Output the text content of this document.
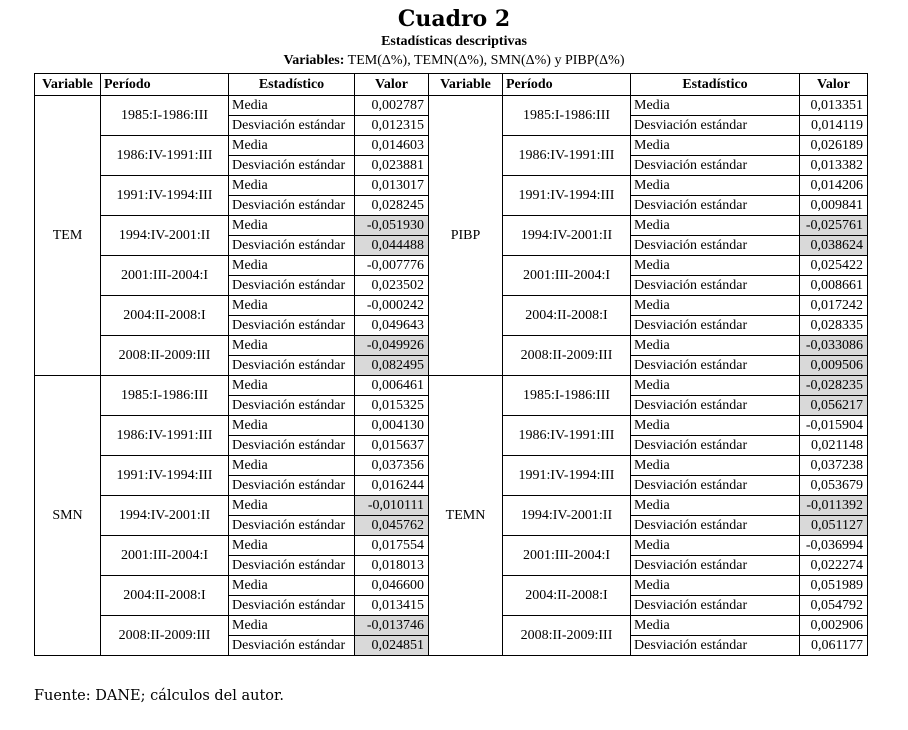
Cuadro 2
Estadísticas descriptivas
Variables: TEM(Δ%), TEMN(Δ%), SMN(Δ%) y PIBP(Δ%)
Variable	Período	Estadístico	Valor	Variable	Período	Estadístico	Valor
TEM	1985:I-1986:III	Media	0,002787	PIBP	1985:I-1986:III	Media	0,013351
		Desviación estándar	0,012315			Desviación estándar	0,014119
	1986:IV-1991:III	Media	0,014603		1986:IV-1991:III	Media	0,026189
		Desviación estándar	0,023881			Desviación estándar	0,013382
	1991:IV-1994:III	Media	0,013017		1991:IV-1994:III	Media	0,014206
		Desviación estándar	0,028245			Desviación estándar	0,009841
	1994:IV-2001:II	Media	-0,051930		1994:IV-2001:II	Media	-0,025761
		Desviación estándar	0,044488			Desviación estándar	0,038624
	2001:III-2004:I	Media	-0,007776		2001:III-2004:I	Media	0,025422
		Desviación estándar	0,023502			Desviación estándar	0,008661
	2004:II-2008:I	Media	-0,000242		2004:II-2008:I	Media	0,017242
		Desviación estándar	0,049643			Desviación estándar	0,028335
	2008:II-2009:III	Media	-0,049926		2008:II-2009:III	Media	-0,033086
		Desviación estándar	0,082495			Desviación estándar	0,009506
SMN	1985:I-1986:III	Media	0,006461	TEMN	1985:I-1986:III	Media	-0,028235
		Desviación estándar	0,015325			Desviación estándar	0,056217
	1986:IV-1991:III	Media	0,004130		1986:IV-1991:III	Media	-0,015904
		Desviación estándar	0,015637			Desviación estándar	0,021148
	1991:IV-1994:III	Media	0,037356		1991:IV-1994:III	Media	0,037238
		Desviación estándar	0,016244			Desviación estándar	0,053679
	1994:IV-2001:II	Media	-0,010111		1994:IV-2001:II	Media	-0,011392
		Desviación estándar	0,045762			Desviación estándar	0,051127
	2001:III-2004:I	Media	0,017554		2001:III-2004:I	Media	-0,036994
		Desviación estándar	0,018013			Desviación estándar	0,022274
	2004:II-2008:I	Media	0,046600		2004:II-2008:I	Media	0,051989
		Desviación estándar	0,013415			Desviación estándar	0,054792
	2008:II-2009:III	Media	-0,013746		2008:II-2009:III	Media	0,002906
		Desviación estándar	0,024851			Desviación estándar	0,061177
Fuente: DANE; cálculos del autor.
